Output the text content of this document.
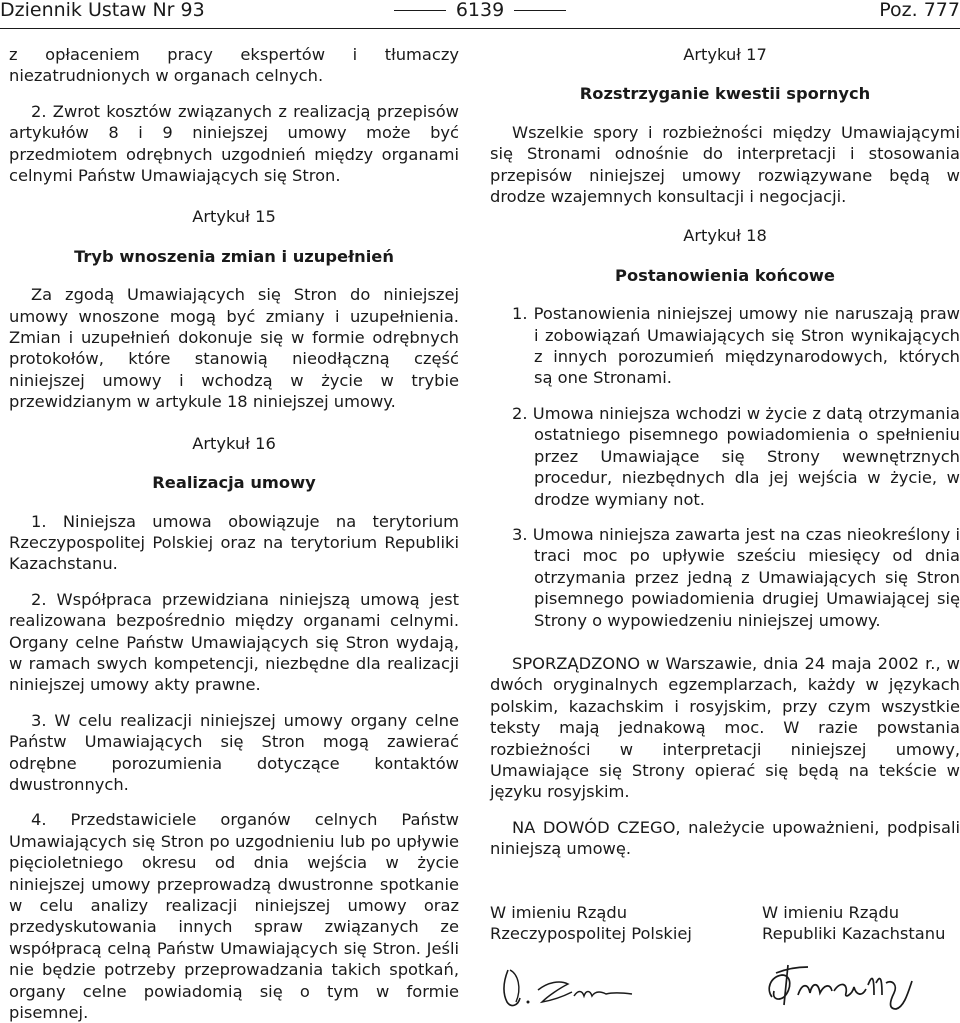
Dziennik Ustaw Nr 93	6139	Poz. 777

z opłaceniem pracy ekspertów i tłumaczy niezatrudnionych w organach celnych.

2. Zwrot kosztów związanych z realizacją przepisów artykułów 8 i 9 niniejszej umowy może być przedmiotem odrębnych uzgodnień między organami celnymi Państw Umawiających się Stron.

Artykuł 15

Tryb wnoszenia zmian i uzupełnień

Za zgodą Umawiających się Stron do niniejszej umowy wnoszone mogą być zmiany i uzupełnienia. Zmian i uzupełnień dokonuje się w formie odrębnych protokołów, które stanowią nieodłączną część niniejszej umowy i wchodzą w życie w trybie przewidzianym w artykule 18 niniejszej umowy.

Artykuł 16

Realizacja umowy

1. Niniejsza umowa obowiązuje na terytorium Rzeczypospolitej Polskiej oraz na terytorium Republiki Kazachstanu.

2. Współpraca przewidziana niniejszą umową jest realizowana bezpośrednio między organami celnymi. Organy celne Państw Umawiających się Stron wydają, w ramach swych kompetencji, niezbędne dla realizacji niniejszej umowy akty prawne.

3. W celu realizacji niniejszej umowy organy celne Państw Umawiających się Stron mogą zawierać odrębne porozumienia dotyczące kontaktów dwustronnych.

4. Przedstawiciele organów celnych Państw Umawiających się Stron po uzgodnieniu lub po upływie pięcioletniego okresu od dnia wejścia w życie niniejszej umowy przeprowadzą dwustronne spotkanie w celu analizy realizacji niniejszej umowy oraz przedyskutowania innych spraw związanych ze współpracą celną Państw Umawiających się Stron. Jeśli nie będzie potrzeby przeprowadzania takich spotkań, organy celne powiadomią się o tym w formie pisemnej.

Artykuł 17

Rozstrzyganie kwestii spornych

Wszelkie spory i rozbieżności między Umawiającymi się Stronami odnośnie do interpretacji i stosowania przepisów niniejszej umowy rozwiązywane będą w drodze wzajemnych konsultacji i negocjacji.

Artykuł 18

Postanowienia końcowe

1. Postanowienia niniejszej umowy nie naruszają praw i zobowiązań Umawiających się Stron wynikających z innych porozumień międzynarodowych, których są one Stronami.

2. Umowa niniejsza wchodzi w życie z datą otrzymania ostatniego pisemnego powiadomienia o spełnieniu przez Umawiające się Strony wewnętrznych procedur, niezbędnych dla jej wejścia w życie, w drodze wymiany not.

3. Umowa niniejsza zawarta jest na czas nieokreślony i traci moc po upływie sześciu miesięcy od dnia otrzymania przez jedną z Umawiających się Stron pisemnego powiadomienia drugiej Umawiającej się Strony o wypowiedzeniu niniejszej umowy.

SPORZĄDZONO w Warszawie, dnia 24 maja 2002 r., w dwóch oryginalnych egzemplarzach, każdy w językach polskim, kazachskim i rosyjskim, przy czym wszystkie teksty mają jednakową moc. W razie powstania rozbieżności w interpretacji niniejszej umowy, Umawiające się Strony opierać się będą na tekście w języku rosyjskim.

NA DOWÓD CZEGO, należycie upoważnieni, podpisali niniejszą umowę.

W imieniu Rządu
Rzeczypospolitej Polskiej
W imieniu Rządu
Republiki Kazachstanu
